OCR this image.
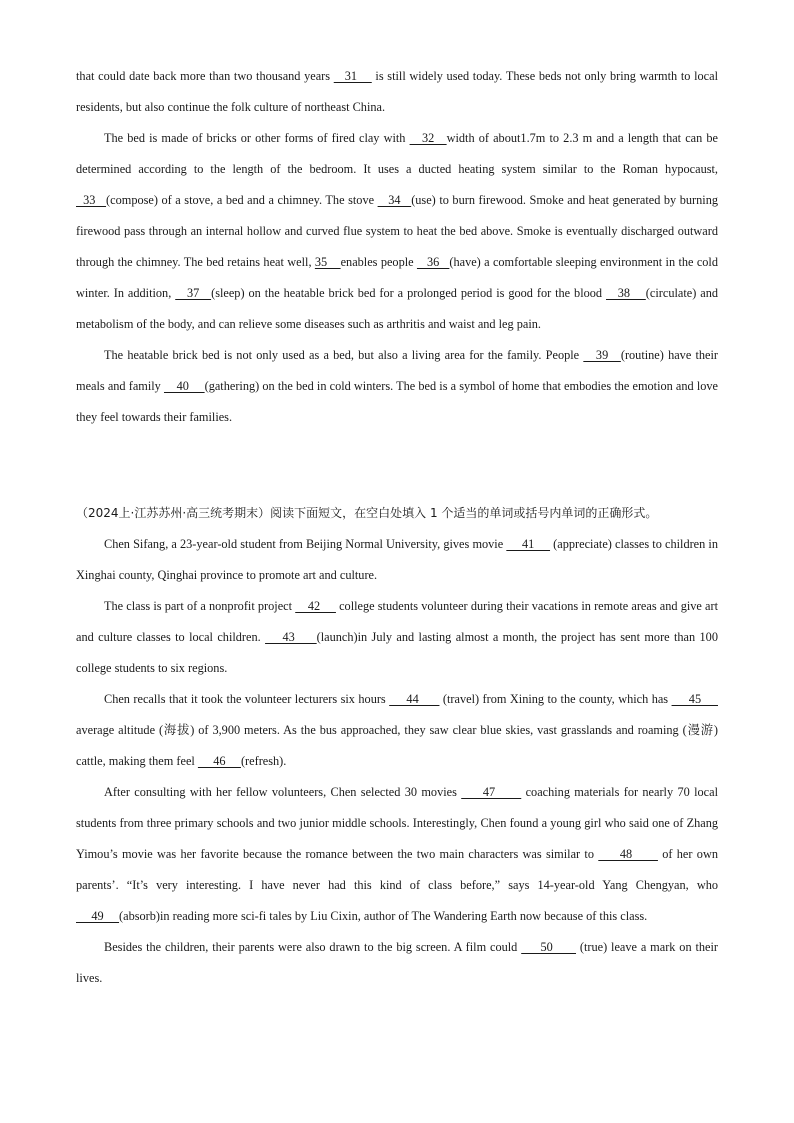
that could date back more than two thousand years    31     is still widely used today. These beds not only bring warmth to local residents, but also continue the folk culture of northeast China.

The bed is made of bricks or other forms of fired clay with    32   width of about1.7m to 2.3 m and a length that can be determined according to the length of the bedroom. It uses a ducted heating system similar to the Roman hypocaust,   33   (compose) of a stove, a bed and a chimney. The stove    34   (use) to burn firewood. Smoke and heat generated by burning firewood pass through an internal hollow and curved flue system to heat the bed above. Smoke is eventually discharged outward through the chimney. The bed retains heat well, 35    enables people    36   (have) a comfortable sleeping environment in the cold winter. In addition,    37   (sleep) on the heatable brick bed for a prolonged period is good for the blood    38    (circulate) and metabolism of the body, and can relieve some diseases such as arthritis and waist and leg pain.

The heatable brick bed is not only used as a bed, but also a living area for the family. People    39   (routine) have their meals and family     40     (gathering) on the bed in cold winters. The bed is a symbol of home that embodies the emotion and love they feel towards their families.

（2024上·江苏苏州·高三统考期末）阅读下面短文，在空白处填入 1 个适当的单词或括号内单词的正确形式。

Chen Sifang, a 23-year-old student from Beijing Normal University, gives movie      41      (appreciate) classes to children in Xinghai county, Qinghai province to promote art and culture.

The class is part of a nonprofit project     42      college students volunteer during their vacations in remote areas and give art and culture classes to local children.     43     (launch)in July and lasting almost a month, the project has sent more than 100 college students to six regions.

Chen recalls that it took the volunteer lecturers six hours      44       (travel) from Xining to the county, which has      45      average altitude (海拔) of 3,900 meters. As the bus approached, they saw clear blue skies, vast grasslands and roaming (漫游) cattle, making them feel      46     (refresh).

After consulting with her fellow volunteers, Chen selected 30 movies      47       coaching materials for nearly 70 local students from three primary schools and two junior middle schools. Interestingly, Chen found a young girl who said one of Zhang Yimou’s movie was her favorite because the romance between the two main characters was similar to      48       of her own parents’. “It’s very interesting. I have never had this kind of class before,” says 14-year-old Yang Chengyan, who      49     (absorb)in reading more sci-fi tales by Liu Cixin, author of The Wandering Earth now because of this class.

Besides the children, their parents were also drawn to the big screen. A film could      50       (true) leave a mark on their lives.
